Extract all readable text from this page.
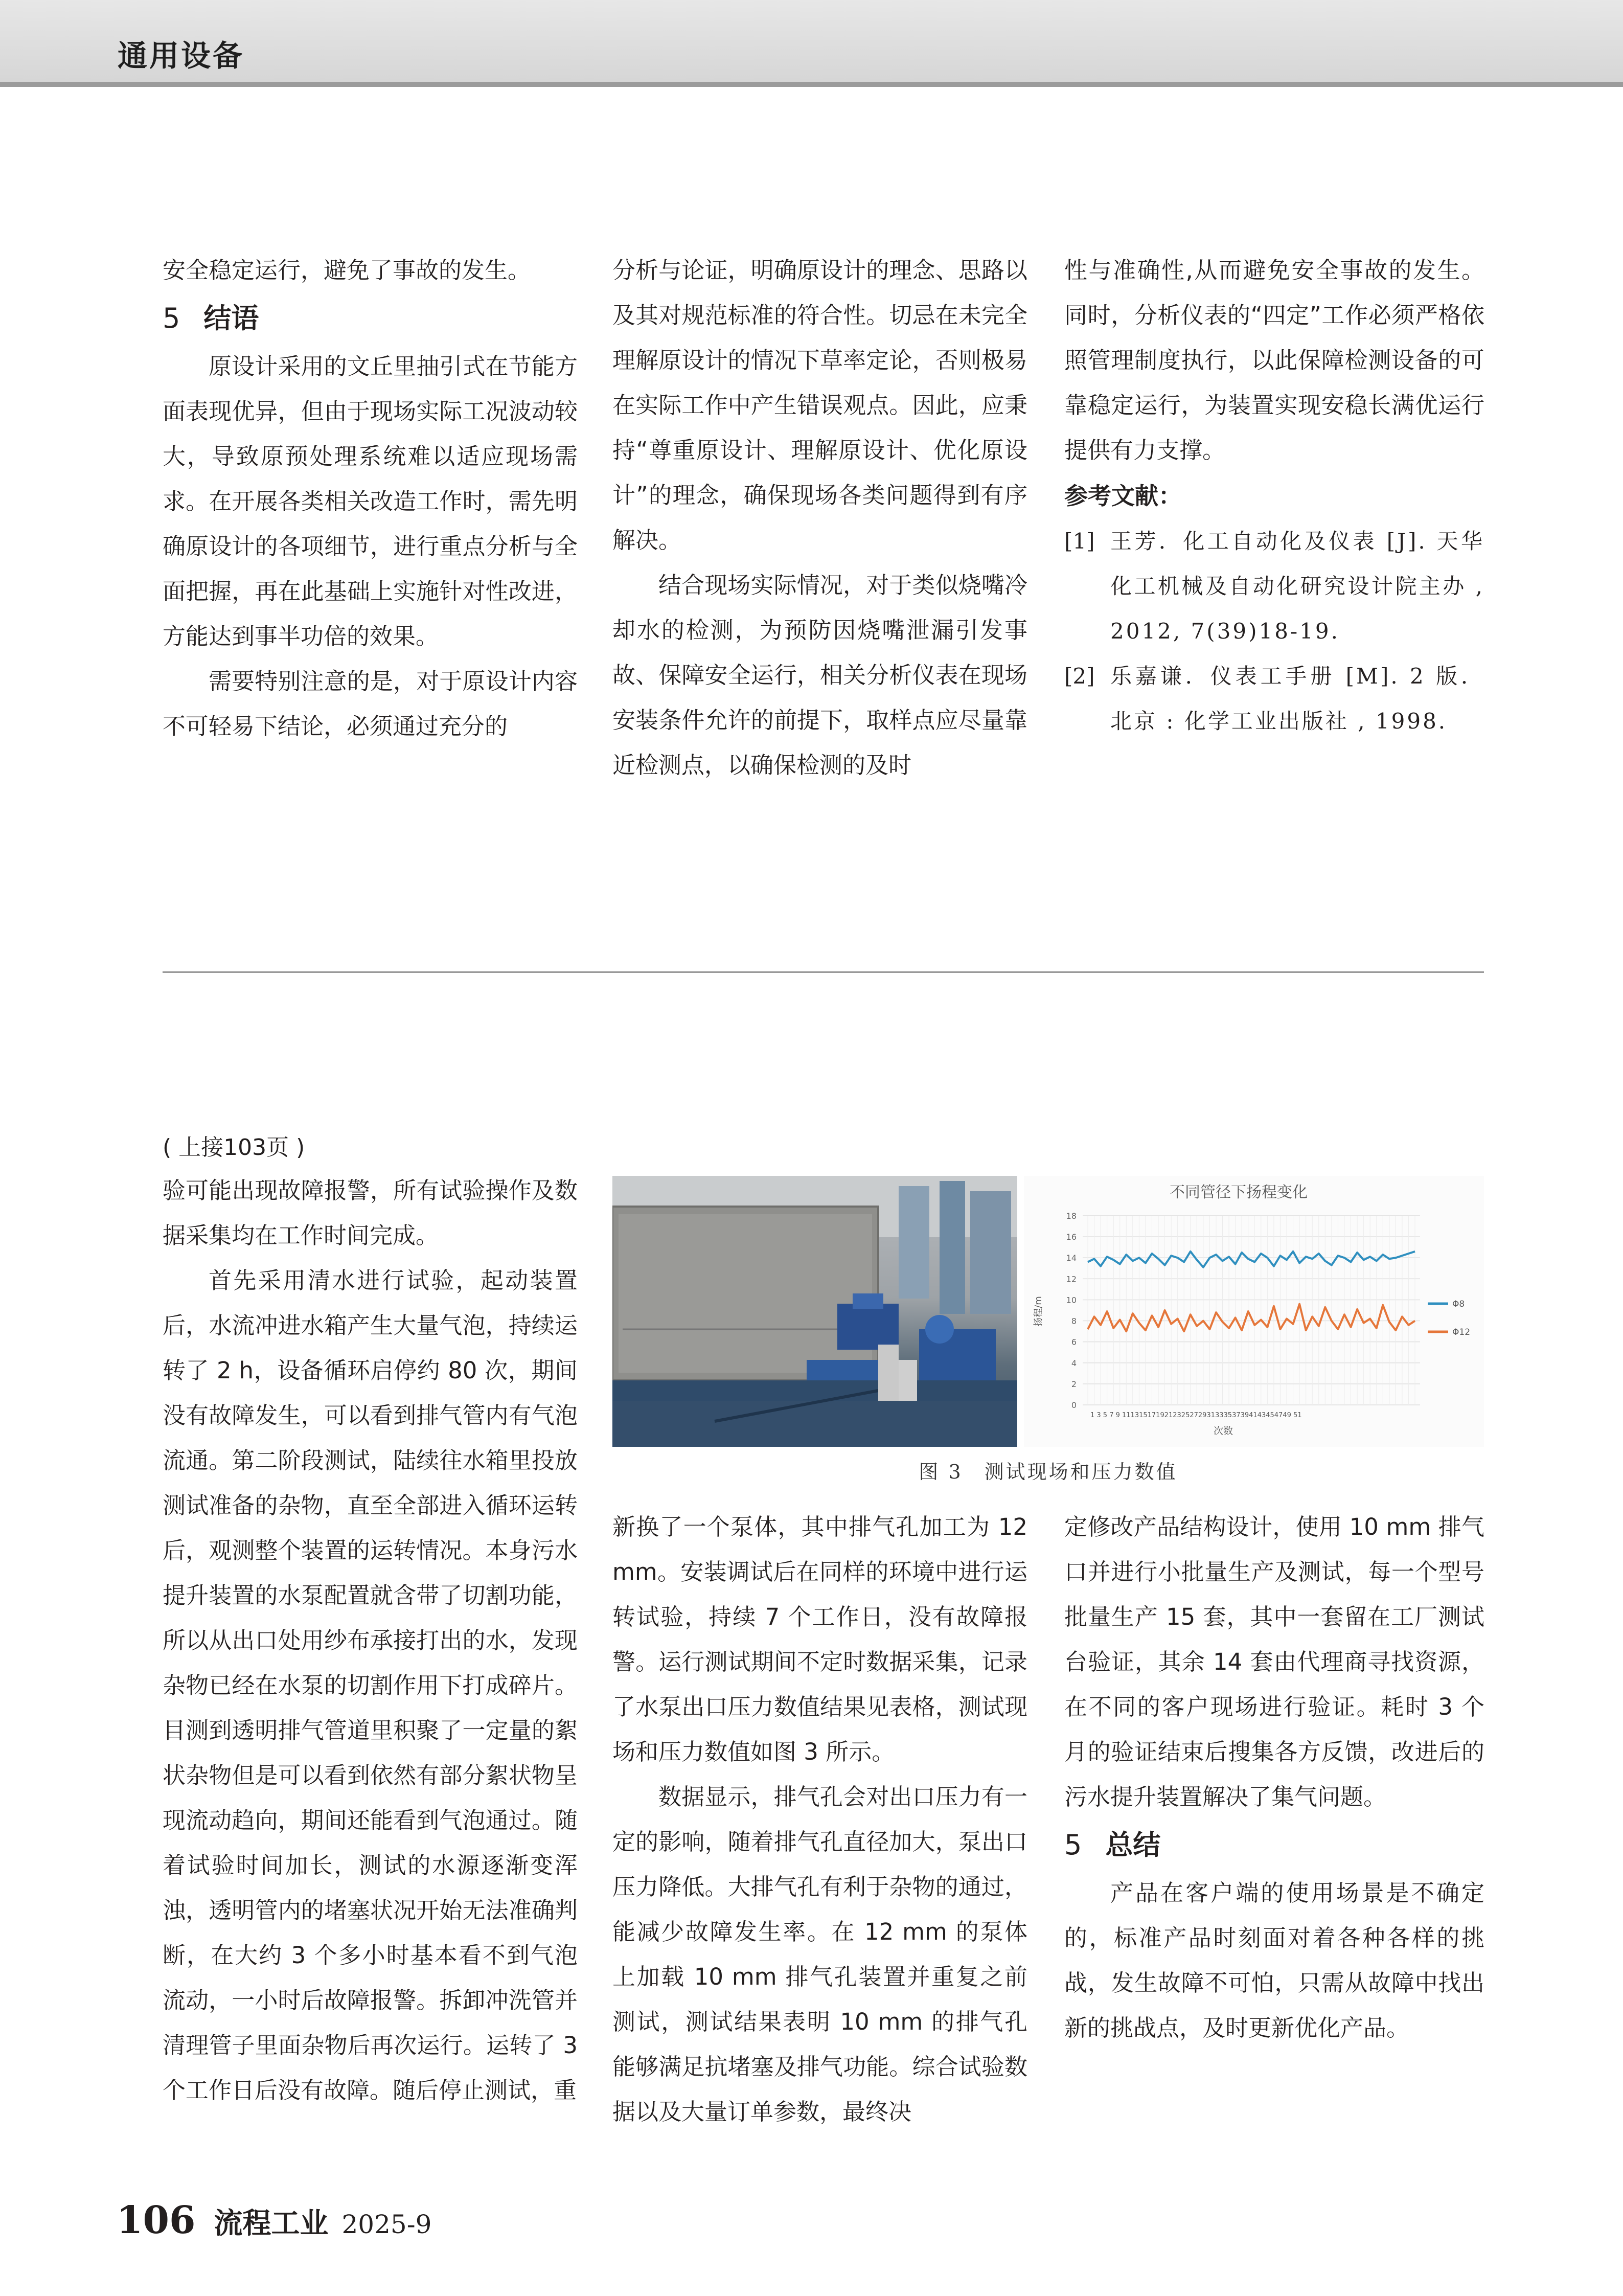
通用设备

安全稳定运行，避免了事故的发生。

5 结语

原设计采用的文丘里抽引式在节能方面表现优异，但由于现场实际工况波动较大，导致原预处理系统难以适应现场需求。在开展各类相关改造工作时，需先明确原设计的各项细节，进行重点分析与全面把握，再在此基础上实施针对性改进，方能达到事半功倍的效果。

需要特别注意的是，对于原设计内容不可轻易下结论，必须通过充分的

分析与论证，明确原设计的理念、思路以及其对规范标准的符合性。切忌在未完全理解原设计的情况下草率定论，否则极易在实际工作中产生错误观点。因此，应秉持“尊重原设计、理解原设计、优化原设计”的理念，确保现场各类问题得到有序解决。

结合现场实际情况，对于类似烧嘴冷却水的检测，为预防因烧嘴泄漏引发事故、保障安全运行，相关分析仪表在现场安装条件允许的前提下，取样点应尽量靠近检测点，以确保检测的及时

性与准确性,从而避免安全事故的发生。同时，分析仪表的“四定”工作必须严格依照管理制度执行，以此保障检测设备的可靠稳定运行，为装置实现安稳长满优运行提供有力支撑。

参考文献：

[1] 王芳．化工自动化及仪表 [J]. 天华化工机械及自动化研究设计院主办 , 2012, 7(39)18-19.
[2] 乐嘉谦．仪表工手册 [M]. 2 版．北京 : 化学工业出版社 , 1998.

( 上接103页 )

验可能出现故障报警，所有试验操作及数据采集均在工作时间完成。

首先采用清水进行试验，起动装置后，水流冲进水箱产生大量气泡，持续运转了 2 h，设备循环启停约 80 次，期间没有故障发生，可以看到排气管内有气泡流通。第二阶段测试，陆续往水箱里投放测试准备的杂物，直至全部进入循环运转后，观测整个装置的运转情况。本身污水提升装置的水泵配置就含带了切割功能，所以从出口处用纱布承接打出的水，发现杂物已经在水泵的切割作用下打成碎片。目测到透明排气管道里积聚了一定量的絮状杂物但是可以看到依然有部分絮状物呈现流动趋向，期间还能看到气泡通过。随着试验时间加长，测试的水源逐渐变浑浊，透明管内的堵塞状况开始无法准确判断，在大约 3 个多小时基本看不到气泡流动，一小时后故障报警。拆卸冲洗管并清理管子里面杂物后再次运行。运转了 3 个工作日后没有故障。随后停止测试，重

不同管径下扬程变化
扬程/m
1 3 5 7 9 1113151719212325272931333537394143454749 51
次数
0
2
4
6
8
10
12
14
16
18
Φ8
Φ12
图 3　测试现场和压力数值

新换了一个泵体，其中排气孔加工为 12 mm。安装调试后在同样的环境中进行运转试验，持续 7 个工作日，没有故障报警。运行测试期间不定时数据采集，记录了水泵出口压力数值结果见表格，测试现场和压力数值如图 3 所示。

数据显示，排气孔会对出口压力有一定的影响，随着排气孔直径加大，泵出口压力降低。大排气孔有利于杂物的通过，能减少故障发生率。在 12 mm 的泵体上加载 10 mm 排气孔装置并重复之前测试，测试结果表明 10 mm 的排气孔能够满足抗堵塞及排气功能。综合试验数据以及大量订单参数，最终决

定修改产品结构设计，使用 10 mm 排气口并进行小批量生产及测试，每一个型号批量生产 15 套，其中一套留在工厂测试台验证，其余 14 套由代理商寻找资源，在不同的客户现场进行验证。耗时 3 个月的验证结束后搜集各方反馈，改进后的污水提升装置解决了集气问题。

5 总结

产品在客户端的使用场景是不确定的，标准产品时刻面对着各种各样的挑战，发生故障不可怕，只需从故障中找出新的挑战点，及时更新优化产品。

106 流程工业 2025-9
